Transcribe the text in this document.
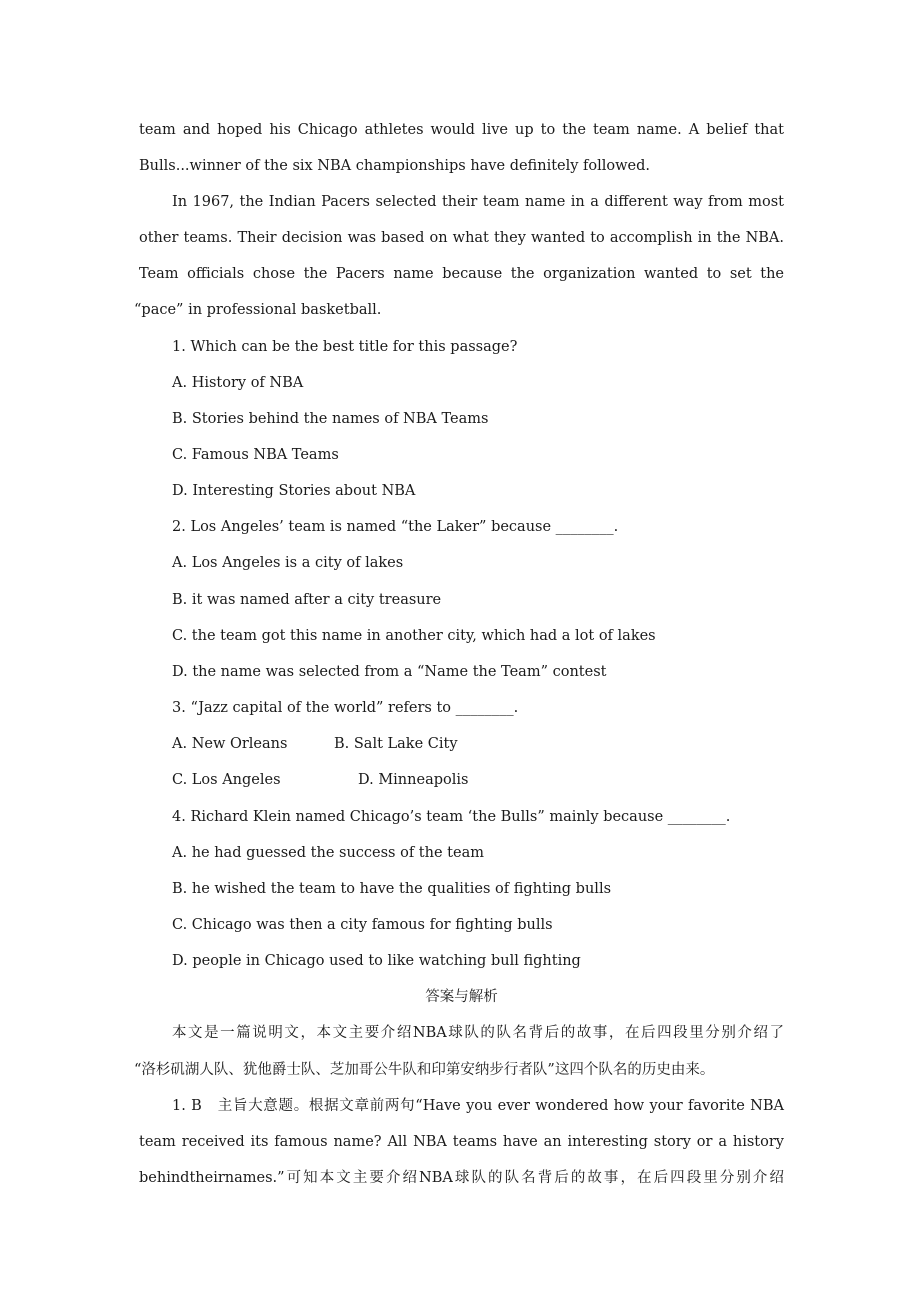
team and hoped his Chicago athletes would live up to the team name. A belief that
Bulls...winner of the six NBA championships have definitely followed.
In 1967, the Indian Pacers selected their team name in a different way from most
other teams. Their decision was based on what they wanted to accomplish in the NBA.
Team officials chose the Pacers name because the organization wanted to set the
“pace” in professional basketball.
1. Which can be the best title for this passage?
A. History of NBA
B. Stories behind the names of NBA Teams
C. Famous NBA Teams
D. Interesting Stories about NBA
2. Los Angeles’ team is named “the Laker” because ________.
A. Los Angeles is a city of lakes
B. it was named after a city treasure
C. the team got this name in another city, which had a lot of lakes
D. the name was selected from a “Name the Team” contest
3. “Jazz capital of the world” refers to ________.
A. New Orleans	B. Salt Lake City
C. Los Angeles	D. Minneapolis
4. Richard Klein named Chicago’s team ‘the Bulls” mainly because ________.
A. he had guessed the success of the team
B. he wished the team to have the qualities of fighting bulls
C. Chicago was then a city famous for fighting bulls
D. people in Chicago used to like watching bull fighting
答案与解析
本文是一篇说明文，本文主要介绍NBA球队的队名背后的故事，在后四段里分别介绍了
“洛杉矶湖人队、犹他爵士队、芝加哥公牛队和印第安纳步行者队”这四个队名的历史由来。
1. B　主旨大意题。根据文章前两句“Have you ever wondered how your favorite NBA
team received its famous name? All NBA teams have an interesting story or a history
behindtheirnames.”可知本文主要介绍NBA球队的队名背后的故事，在后四段里分别介绍
